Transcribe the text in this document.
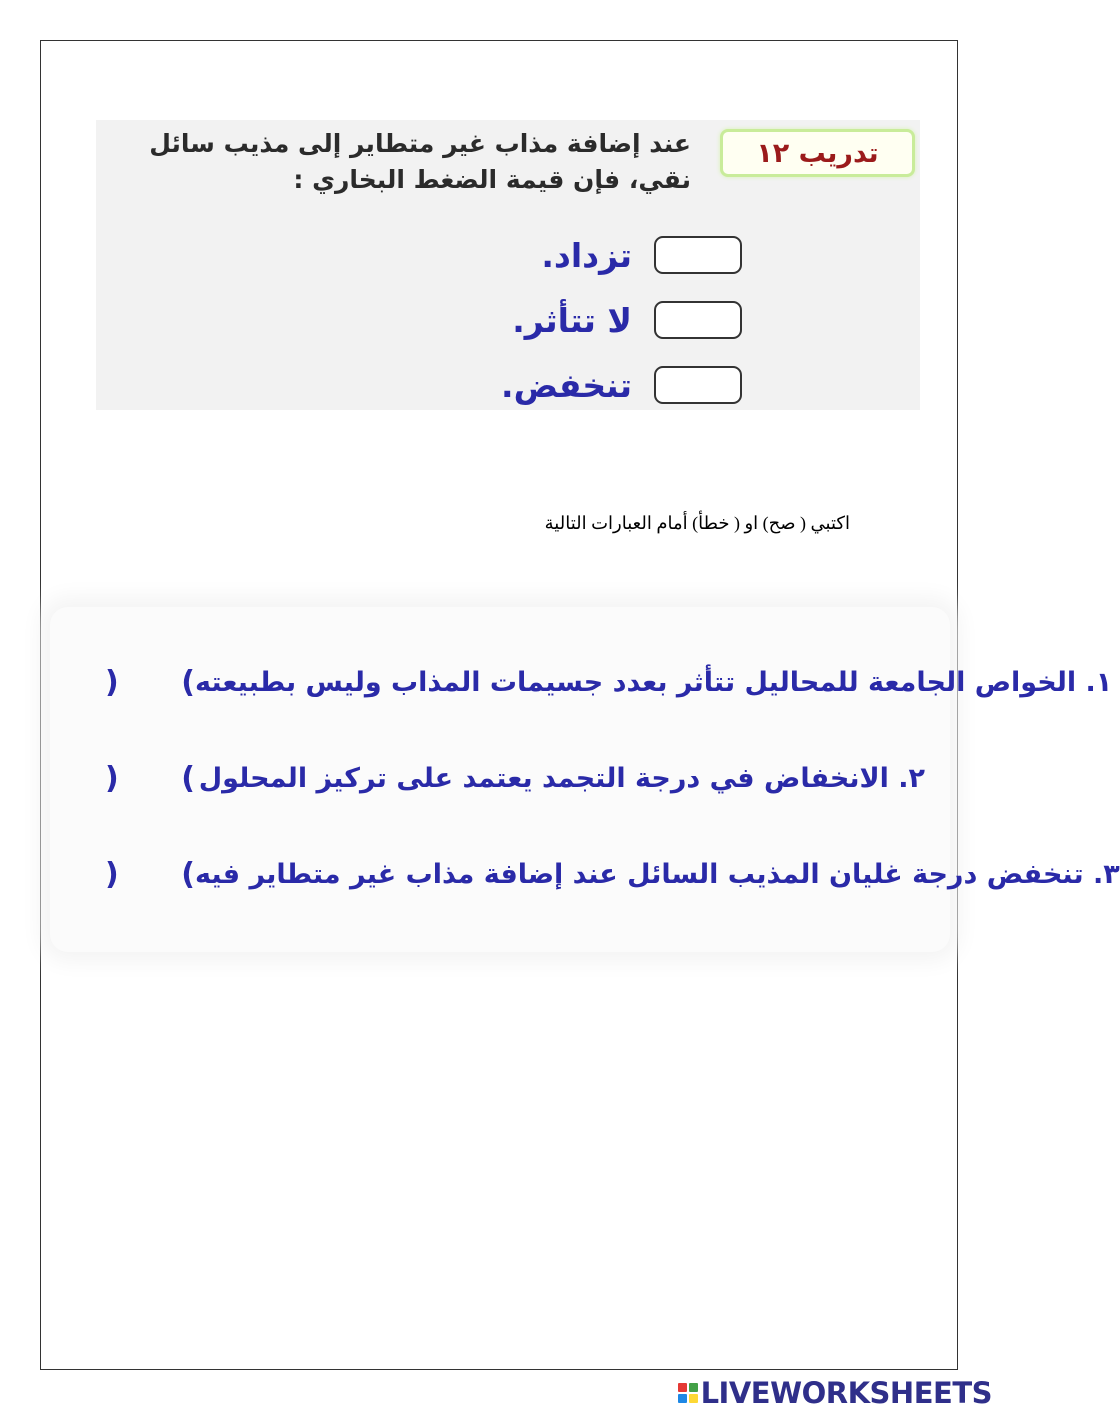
تدريب ١٢
عند إضافة مذاب غير متطاير إلى مذيب سائل نقي، فإن قيمة الضغط البخاري :
تزداد.
لا تتأثر.
تنخفض.
اكتبي ( صح) او ( خطأ) أمام العبارات التالية
) ( ١. الخواص الجامعة للمحاليل تتأثر بعدد جسيمات المذاب وليس بطبيعته
) ( ٢. الانخفاض في درجة التجمد يعتمد على تركيز المحلول
) ( ٣. تنخفض درجة غليان المذيب السائل عند إضافة مذاب غير متطاير فيه
LIVEWORKSHEETS
